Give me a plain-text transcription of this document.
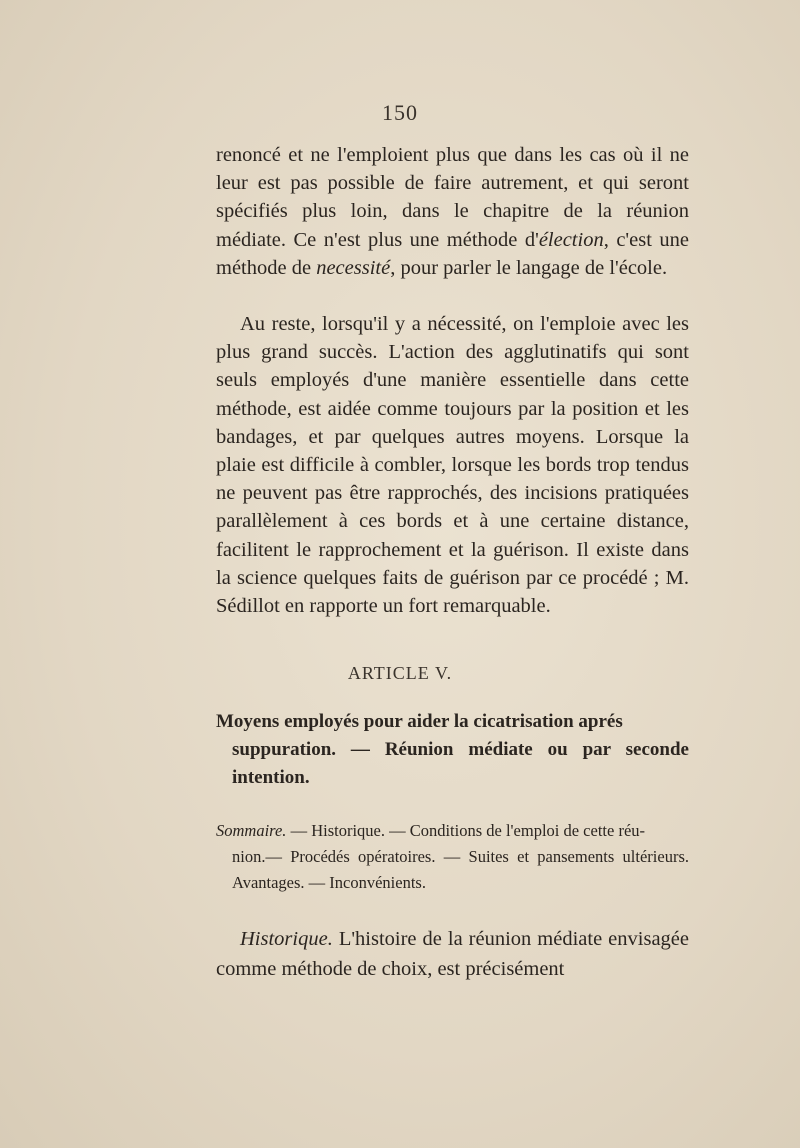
150

renoncé et ne l'emploient plus que dans les cas où il ne leur est pas possible de faire autrement, et qui seront spécifiés plus loin, dans le chapitre de la réunion médiate. Ce n'est plus une méthode d'élection, c'est une méthode de necessité, pour parler le langage de l'école.

Au reste, lorsqu'il y a nécessité, on l'emploie avec les plus grand succès. L'action des agglutinatifs qui sont seuls employés d'une manière essentielle dans cette méthode, est aidée comme toujours par la position et les bandages, et par quelques autres moyens. Lorsque la plaie est difficile à combler, lorsque les bords trop tendus ne peuvent pas être rapprochés, des incisions pratiquées parallèlement à ces bords et à une certaine distance, facilitent le rapprochement et la guérison. Il existe dans la science quelques faits de guérison par ce procédé ; M. Sédillot en rapporte un fort remarquable.

ARTICLE V.
Moyens employés pour aider la cicatrisation aprés
suppuration. — Réunion médiate ou par seconde intention.
Sommaire. — Historique. — Conditions de l'emploi de cette réu-
nion.— Procédés opératoires. — Suites et pansements ultérieurs. Avantages. — Inconvénients.
Historique. L'histoire de la réunion médiate envisagée comme méthode de choix, est précisément
